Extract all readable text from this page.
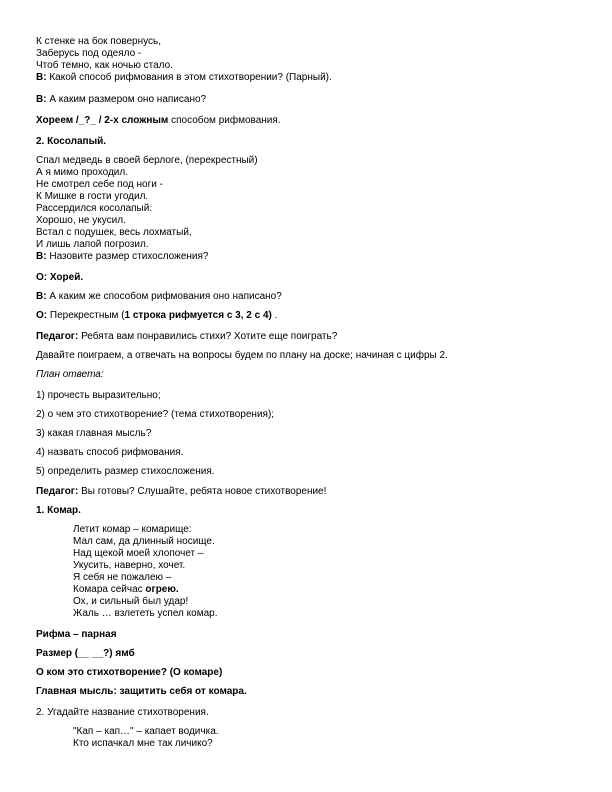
К стенке на бок повернусь,
Заберусь под одеяло -
Чтоб темно, как ночью стало.
В: Какой способ рифмования в этом стихотворении? (Парный).
В: А каким размером оно написано?
Хореем /_?_ / 2-х сложным способом рифмования.
2. Косолапый.
Спал медведь в своей берлоге, (перекрестный)
А я мимо проходил.
Не смотрел себе под ноги -
К Мишке в гости угодил.
Рассердился косолапый:
Хорошо, не укусил.
Встал с подушек, весь лохматый,
И лишь лапой погрозил.
В: Назовите размер стихосложения?
О: Хорей.
В: А каким же способом рифмования оно написано?
О: Перекрестным (1 строка рифмуется с 3, 2 с 4) .
Педагог: Ребята вам понравились стихи? Хотите еще поиграть?
Давайте поиграем, а отвечать на вопросы будем по плану на доске; начиная с цифры 2.
План ответа:
1) прочесть выразительно;
2) о чем это стихотворение? (тема стихотворения);
3) какая главная мысль?
4) назвать способ рифмования.
5) определить размер стихосложения.
Педагог: Вы готовы? Слушайте, ребята новое стихотворение!
1. Комар.
Летит комар – комарище:
Мал сам, да длинный носище.
Над щекой моей хлопочет –
Укусить, наверно, хочет.
Я себя не пожалею –
Комара сейчас огрею.
Ох, и сильный был удар!
Жаль … взлететь успел комар.
Рифма – парная
Размер (__ __?) ямб
О ком это стихотворение? (О комаре)
Главная мысль: защитить себя от комара.
2. Угадайте название стихотворения.
"Кап – кап…" – капает водичка.
Кто испачкал мне так личико?
